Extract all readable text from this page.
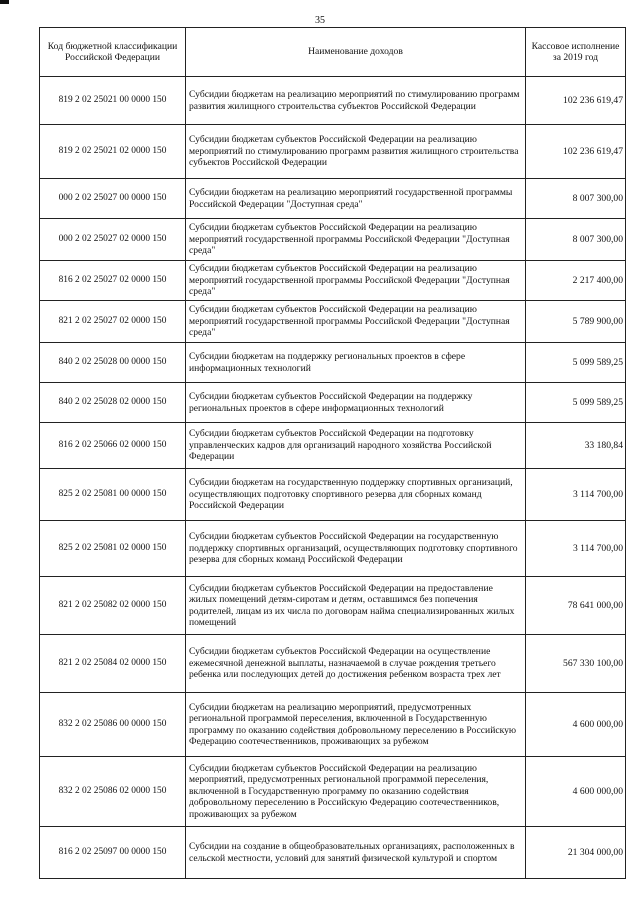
35
Код бюджетной классификации Российской Федерации	Наименование доходов	Кассовое исполнение за 2019 год
819 2 02 25021 00 0000 150	Субсидии бюджетам на реализацию мероприятий по стимулированию программ развития жилищного строительства субъектов Российской Федерации	102 236 619,47
819 2 02 25021 02 0000 150	Субсидии бюджетам субъектов Российской Федерации на реализацию мероприятий по стимулированию программ развития жилищного строительства субъектов Российской Федерации	102 236 619,47
000 2 02 25027 00 0000 150	Субсидии бюджетам на реализацию мероприятий государственной программы Российской Федерации "Доступная среда"	8 007 300,00
000 2 02 25027 02 0000 150	Субсидии бюджетам субъектов Российской Федерации на реализацию мероприятий государственной программы Российской Федерации "Доступная среда"	8 007 300,00
816 2 02 25027 02 0000 150	Субсидии бюджетам субъектов Российской Федерации на реализацию мероприятий государственной программы Российской Федерации "Доступная среда"	2 217 400,00
821 2 02 25027 02 0000 150	Субсидии бюджетам субъектов Российской Федерации на реализацию мероприятий государственной программы Российской Федерации "Доступная среда"	5 789 900,00
840 2 02 25028 00 0000 150	Субсидии бюджетам на поддержку региональных проектов в сфере информационных технологий	5 099 589,25
840 2 02 25028 02 0000 150	Субсидии бюджетам субъектов Российской Федерации на поддержку региональных проектов в сфере информационных технологий	5 099 589,25
816 2 02 25066 02 0000 150	Субсидии бюджетам субъектов Российской Федерации на подготовку управленческих кадров для организаций народного хозяйства Российской Федерации	33 180,84
825 2 02 25081 00 0000 150	Субсидии бюджетам на государственную поддержку спортивных организаций, осуществляющих подготовку спортивного резерва для сборных команд Российской Федерации	3 114 700,00
825 2 02 25081 02 0000 150	Субсидии бюджетам субъектов Российской Федерации на государственную поддержку спортивных организаций, осуществляющих подготовку спортивного резерва для сборных команд Российской Федерации	3 114 700,00
821 2 02 25082 02 0000 150	Субсидии бюджетам субъектов Российской Федерации на предоставление жилых помещений детям-сиротам и детям, оставшимся без попечения родителей, лицам из их числа по договорам найма специализированных жилых помещений	78 641 000,00
821 2 02 25084 02 0000 150	Субсидии бюджетам субъектов Российской Федерации на осуществление ежемесячной денежной выплаты, назначаемой в случае рождения третьего ребенка или последующих детей до достижения ребенком возраста трех лет	567 330 100,00
832 2 02 25086 00 0000 150	Субсидии бюджетам на реализацию мероприятий, предусмотренных региональной программой переселения, включенной в Государственную программу по оказанию содействия добровольному переселению в Российскую Федерацию соотечественников, проживающих за рубежом	4 600 000,00
832 2 02 25086 02 0000 150	Субсидии бюджетам субъектов Российской Федерации на реализацию мероприятий, предусмотренных региональной программой переселения, включенной в Государственную программу по оказанию содействия добровольному переселению в Российскую Федерацию соотечественников, проживающих за рубежом	4 600 000,00
816 2 02 25097 00 0000 150	Субсидии на создание в общеобразовательных организациях, расположенных в сельской местности, условий для занятий физической культурой и спортом	21 304 000,00
